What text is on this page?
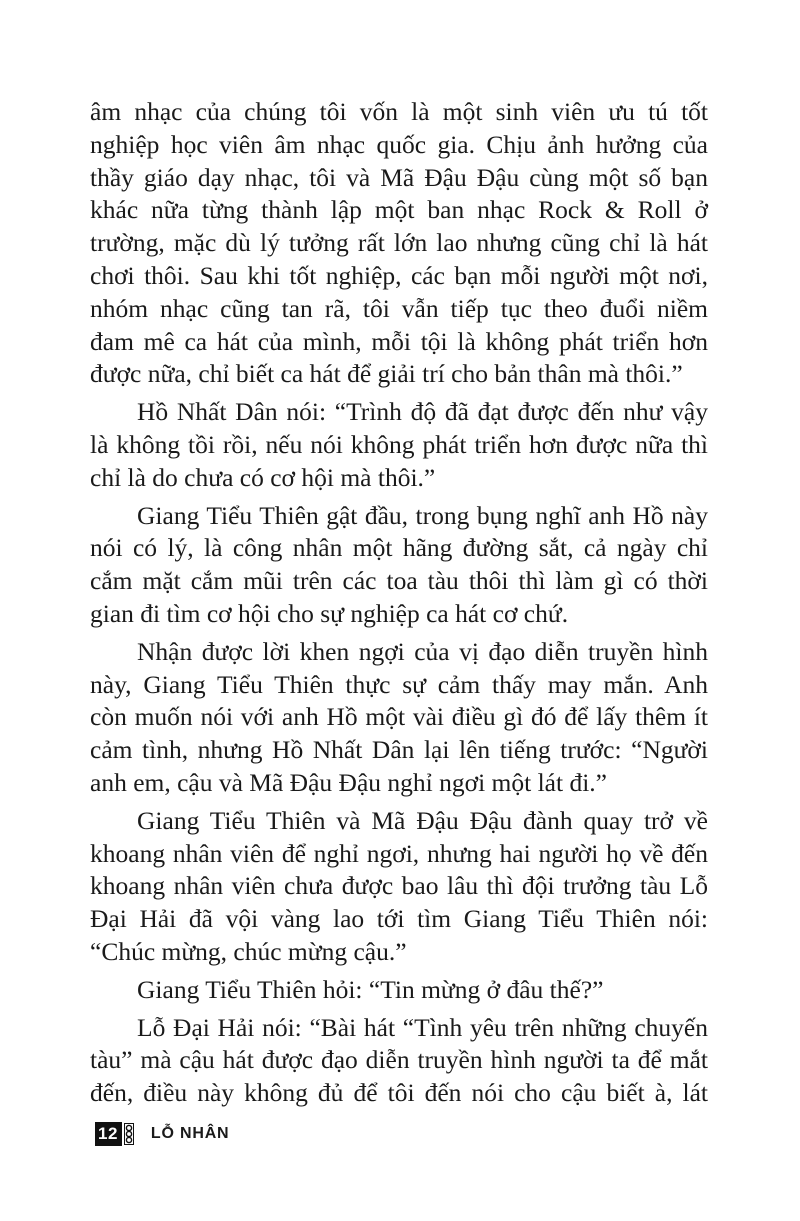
âm nhạc của chúng tôi vốn là một sinh viên ưu tú tốt
nghiệp học viên âm nhạc quốc gia. Chịu ảnh hưởng của
thầy giáo dạy nhạc, tôi và Mã Đậu Đậu cùng một số bạn
khác nữa từng thành lập một ban nhạc Rock & Roll ở
trường, mặc dù lý tưởng rất lớn lao nhưng cũng chỉ là hát
chơi thôi. Sau khi tốt nghiệp, các bạn mỗi người một nơi,
nhóm nhạc cũng tan rã, tôi vẫn tiếp tục theo đuổi niềm
đam mê ca hát của mình, mỗi tội là không phát triển hơn
được nữa, chỉ biết ca hát để giải trí cho bản thân mà thôi.”
Hồ Nhất Dân nói: “Trình độ đã đạt được đến như vậy
là không tồi rồi, nếu nói không phát triển hơn được nữa thì
chỉ là do chưa có cơ hội mà thôi.”
Giang Tiểu Thiên gật đầu, trong bụng nghĩ anh Hồ này
nói có lý, là công nhân một hãng đường sắt, cả ngày chỉ
cắm mặt cắm mũi trên các toa tàu thôi thì làm gì có thời
gian đi tìm cơ hội cho sự nghiệp ca hát cơ chứ.
Nhận được lời khen ngợi của vị đạo diễn truyền hình
này, Giang Tiểu Thiên thực sự cảm thấy may mắn. Anh
còn muốn nói với anh Hồ một vài điều gì đó để lấy thêm ít
cảm tình, nhưng Hồ Nhất Dân lại lên tiếng trước: “Người
anh em, cậu và Mã Đậu Đậu nghỉ ngơi một lát đi.”
Giang Tiểu Thiên và Mã Đậu Đậu đành quay trở về
khoang nhân viên để nghỉ ngơi, nhưng hai người họ về đến
khoang nhân viên chưa được bao lâu thì đội trưởng tàu Lỗ
Đại Hải đã vội vàng lao tới tìm Giang Tiểu Thiên nói:
“Chúc mừng, chúc mừng cậu.”
Giang Tiểu Thiên hỏi: “Tin mừng ở đâu thế?”
Lỗ Đại Hải nói: “Bài hát “Tình yêu trên những chuyến
tàu” mà cậu hát được đạo diễn truyền hình người ta để mắt
đến, điều này không đủ để tôi đến nói cho cậu biết à, lát
12 LỖ NHÂN
